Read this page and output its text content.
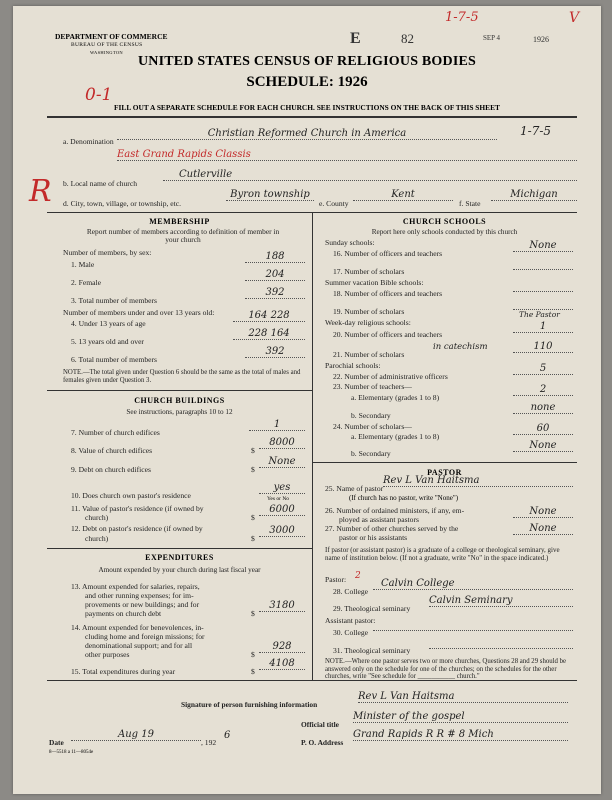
DEPARTMENT OF COMMERCE
BUREAU OF THE CENSUS
WASHINGTON
E	82	SEP 4	1926
1-7-5	V
UNITED STATES CENSUS OF RELIGIOUS BODIES
SCHEDULE: 1926
0-1
FILL OUT A SEPARATE SCHEDULE FOR EACH CHURCH. SEE INSTRUCTIONS ON THE BACK OF THIS SHEET
R
a. Denomination
Christian Reformed Church in America	1-7-5
East Grand Rapids Classis
b. Local name of church
Cutlerville
d. City, town, village, or township, etc.
Byron township
e. County
Kent
f. State
Michigan
MEMBERSHIP
Report number of members according to definition of member in your church
Number of members, by sex:
1. Male
188
2. Female
204
3. Total number of members
392
Number of members under and over 13 years old:
4. Under 13 years of age
164 228
5. 13 years old and over
228 164
6. Total number of members
392
NOTE.—The total given under Question 6 should be the same as the total of males and females given under Question 3.
CHURCH BUILDINGS
See instructions, paragraphs 10 to 12
7. Number of church edifices
1
8. Value of church edifices	$
8000
9. Debt on church edifices	$
None
10. Does church own pastor's residence
yes
Yes or No
11. Value of pastor's residence (if owned by
church)	$
6000
12. Debt on pastor's residence (if owned by
church)	$
3000
EXPENDITURES
Amount expended by your church during last fiscal year
13. Amount expended for salaries, repairs,
and other running expenses; for im-
provements or new buildings; and for
payments on church debt	$
3180
14. Amount expended for benevolences, in-
cluding home and foreign missions; for
denominational support; and for all
other purposes	$
928
15. Total expenditures during year	$
4108
CHURCH SCHOOLS
Report here only schools conducted by this church
Sunday schools:
16. Number of officers and teachers
None
17. Number of scholars
Summer vacation Bible schools:
18. Number of officers and teachers
19. Number of scholars
Week-day religious schools:
The Pastor
20. Number of officers and teachers
1
21. Number of scholars
in catechism	110
Parochial schools:
22. Number of administrative officers
5
23. Number of teachers—
a. Elementary (grades 1 to 8)
2
b. Secondary
none
24. Number of scholars—
a. Elementary (grades 1 to 8)
60
b. Secondary
None
PASTOR
25. Name of pastor
Rev L Van Haitsma
(If church has no pastor, write "None")
26. Number of ordained ministers, if any, em-
ployed as assistant pastors
None
27. Number of other churches served by the
pastor or his assistants
None
If pastor (or assistant pastor) is a graduate of a college or theological seminary, give name of institution below. (If not a graduate, write "No" in the space indicated.)
Pastor: 2
28. College
Calvin College
29. Theological seminary
Calvin Seminary
Assistant pastor:
30. College
31. Theological seminary
NOTE.—Where one pastor serves two or more churches, Questions 28 and 29 should be answered only on the schedule for one of the churches; on the schedules for the other churches, write "See schedule for ___________ church."
Signature of person furnishing information
Rev L Van Haitsma
Official title
Minister of the gospel
Date
Aug 19
, 192
6
P. O. Address
Grand Rapids R R # 8 Mich
8—5518 a 11—8054e
